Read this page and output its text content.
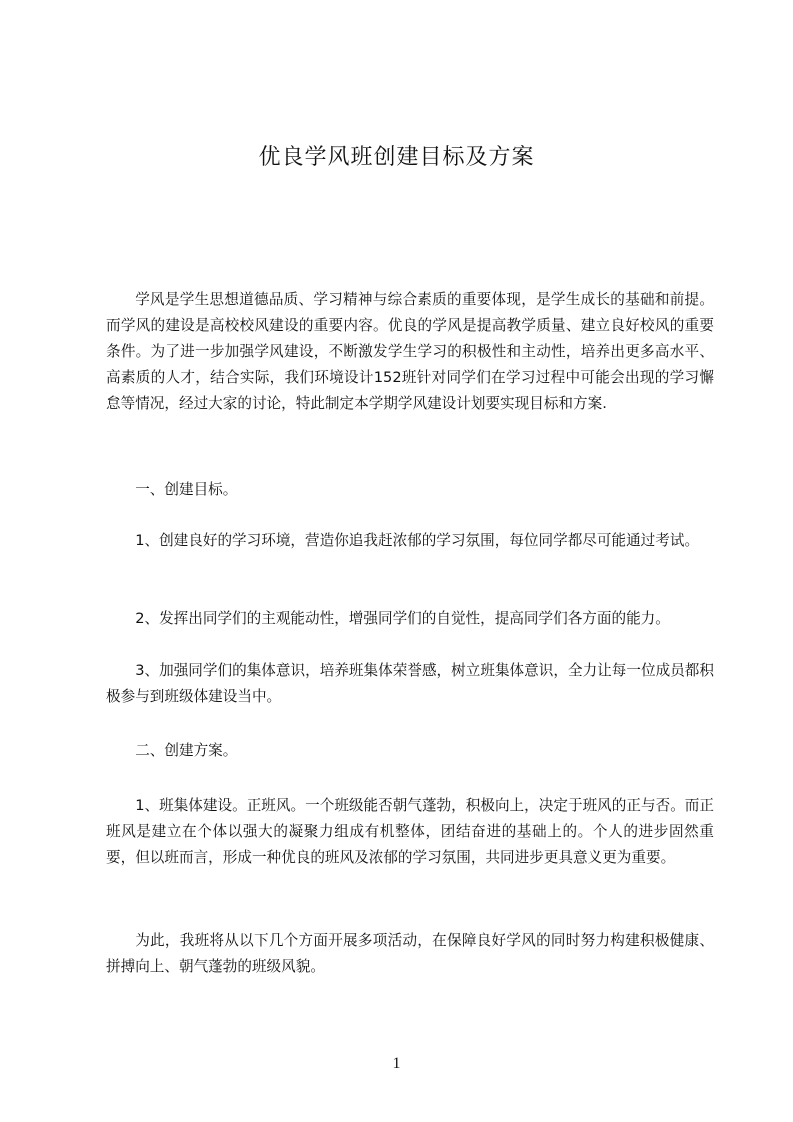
优良学风班创建目标及方案

学风是学生思想道德品质、学习精神与综合素质的重要体现，是学生成长的基础和前提。而学风的建设是高校校风建设的重要内容。优良的学风是提高教学质量、建立良好校风的重要条件。为了进一步加强学风建设，不断激发学生学习的积极性和主动性，培养出更多高水平、高素质的人才，结合实际，我们环境设计152班针对同学们在学习过程中可能会出现的学习懈怠等情况，经过大家的讨论，特此制定本学期学风建设计划要实现目标和方案.

一、创建目标。

1、创建良好的学习环境，营造你追我赶浓郁的学习氛围，每位同学都尽可能通过考试。

2、发挥出同学们的主观能动性，增强同学们的自觉性，提高同学们各方面的能力。

3、加强同学们的集体意识，培养班集体荣誉感，树立班集体意识，全力让每一位成员都积极参与到班级体建设当中。

二、创建方案。

1、班集体建设。正班风。一个班级能否朝气蓬勃，积极向上，决定于班风的正与否。而正班风是建立在个体以强大的凝聚力组成有机整体，团结奋进的基础上的。个人的进步固然重要，但以班而言，形成一种优良的班风及浓郁的学习氛围，共同进步更具意义更为重要。

为此，我班将从以下几个方面开展多项活动，在保障良好学风的同时努力构建积极健康、拼搏向上、朝气蓬勃的班级风貌。

1
